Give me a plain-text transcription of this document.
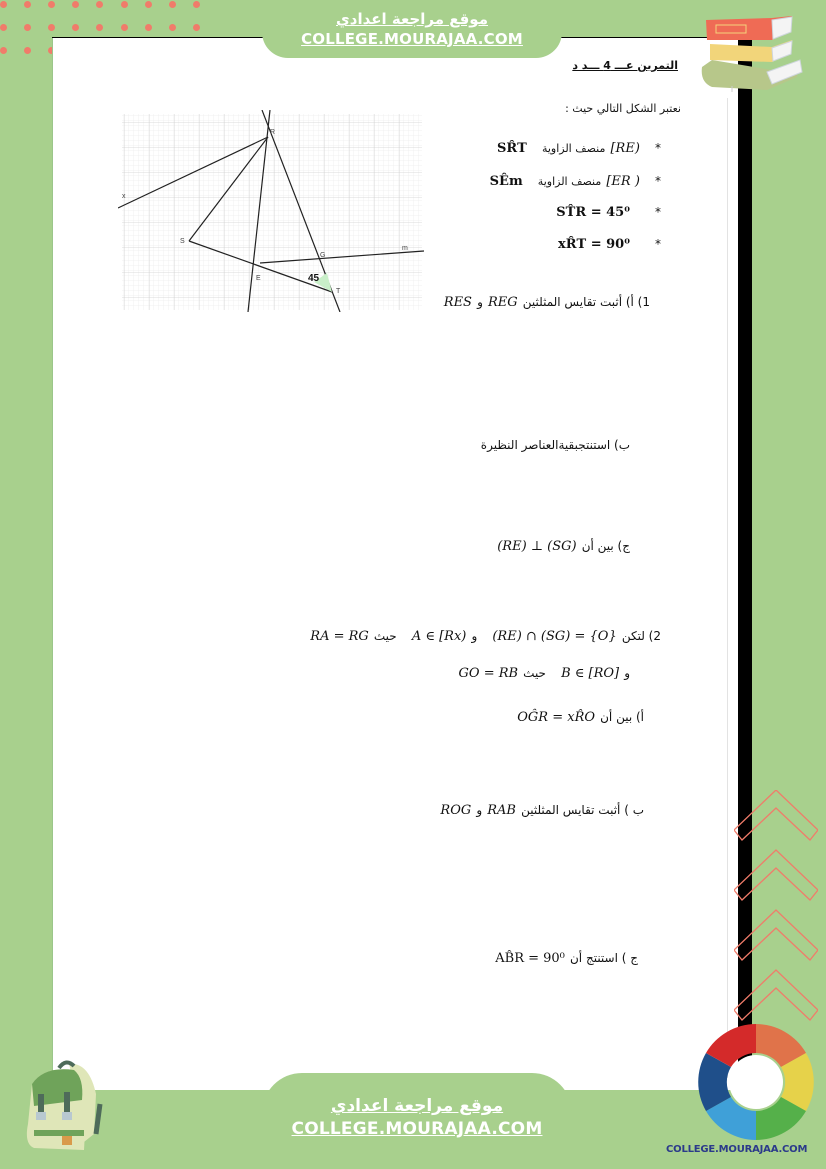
موقع مراجعة اعدادي
COLLEGE.MOURAJAA.COM
التمرين عـــ 4 ـــد د
R
S
E
G
T
x
m
45
نعتبر الشكل التالي حيث :
* [RE) منصف الزاوية SR̂T
* [ER ) منصف الزاوية SÊm
* ST̂R = 45⁰
* xR̂T = 90⁰
1) أ) أثبت تقايس المثلثين REG و RES
ب) استنتجبقيةالعناصر النظيرة
ج) بين أن (RE) ⊥ (SG)
2) لتكن (RE) ∩ (SG) = {O} و A ∈ [Rx) حيث RA = RG
و B ∈ [RO] حيث GO = RB
أ) بين أن OĜR = xR̂O
ب ) أثبت تقايس المثلثين RAB و ROG
ج ) استنتج أن AB̂R = 90⁰
COLLEGE.MOURAJAA.COM
موقع مراجعة اعدادي
COLLEGE.MOURAJAA.COM
